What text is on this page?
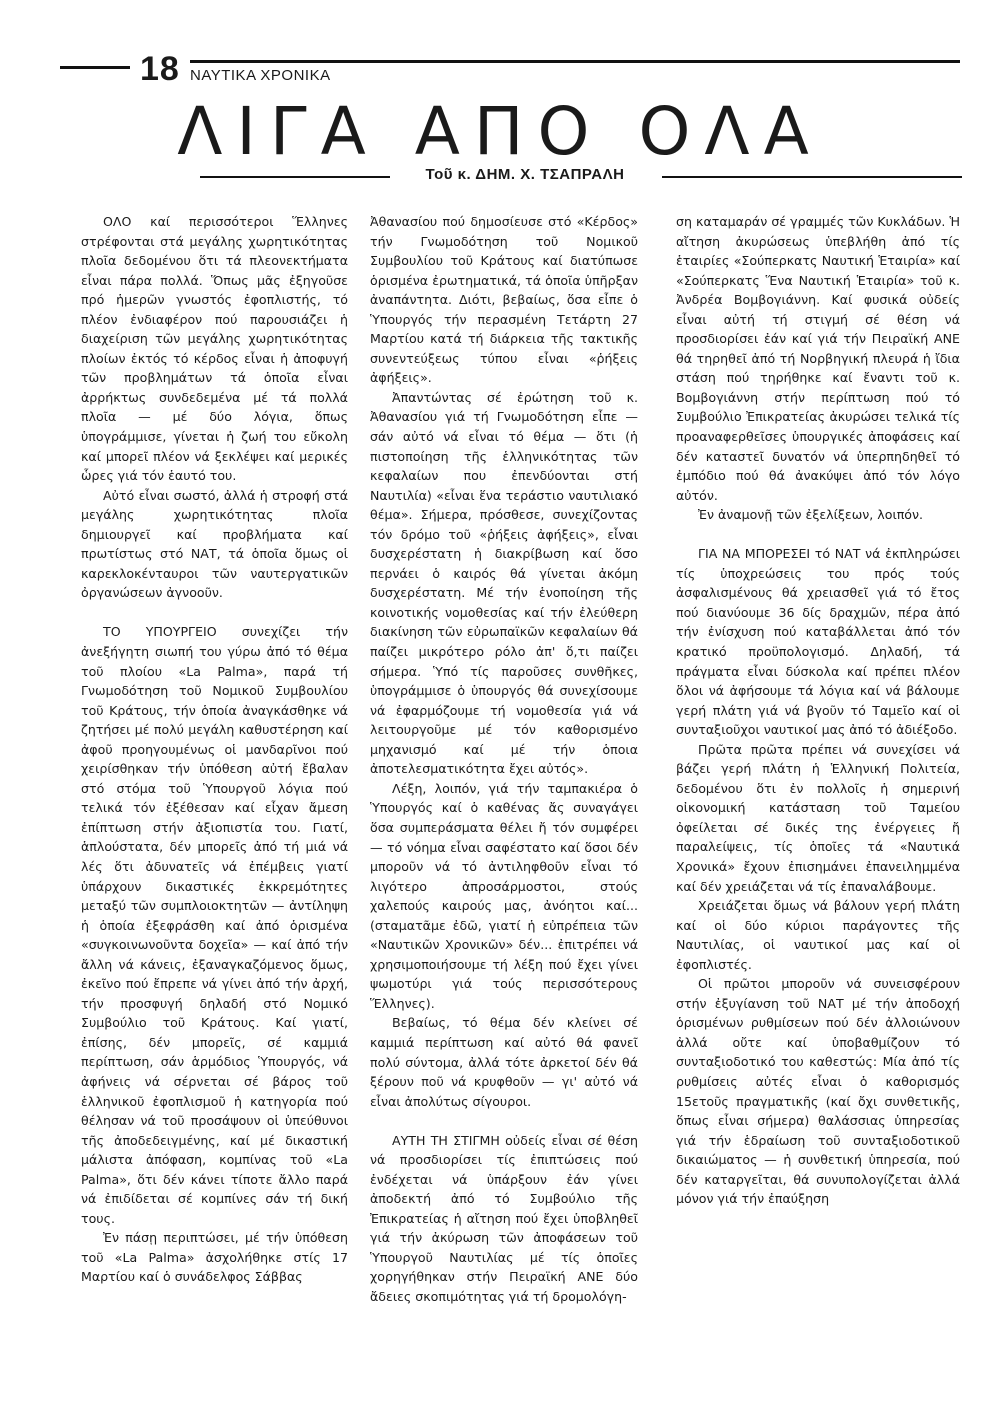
18 ΝΑΥΤΙΚΑ ΧΡΟΝΙΚΑ
ΛΙΓΑ ΑΠΟ ΟΛΑ
Τοῦ κ. ΔΗΜ. Χ. ΤΣΑΠΡΑΛΗ

ΟΛΟ καί περισσότεροι Ἕλληνες στρέφονται στά μεγάλης χωρητικότητας πλοῖα δεδομένου ὅτι τά πλεονεκτήματα εἶναι πάρα πολλά. Ὅπως μᾶς ἐξηγοῦσε πρό ἡμερῶν γνωστός ἐφοπλιστής, τό πλέον ἐνδιαφέρον πού παρουσιάζει ἡ διαχείριση τῶν μεγάλης χωρητικότητας πλοίων ἐκτός τό κέρδος εἶναι ἡ ἀποφυγή τῶν προβλημάτων τά ὁποῖα εἶναι ἀρρήκτως συνδεδεμένα μέ τά πολλά πλοῖα — μέ δύο λόγια, ὅπως ὑπογράμμισε, γίνεται ἡ ζωή του εὔκολη καί μπορεῖ πλέον νά ξεκλέψει καί μερικές ὧρες γιά τόν ἑαυτό του.

Αὐτό εἶναι σωστό, ἀλλά ἡ στροφή στά μεγάλης χωρητικότητας πλοῖα δημιουργεῖ καί προβλήματα καί πρωτίστως στό ΝΑΤ, τά ὁποῖα ὅμως οἱ καρεκλοκένταυροι τῶν ναυτεργατικῶν ὀργανώσεων ἀγνοοῦν.

ΤΟ ΥΠΟΥΡΓΕΙΟ συνεχίζει τήν ἀνεξήγητη σιωπή του γύρω ἀπό τό θέμα τοῦ πλοίου «La Palma», παρά τή Γνωμοδότηση τοῦ Νομικοῦ Συμβουλίου τοῦ Κράτους, τήν ὁποία ἀναγκάσθηκε νά ζητήσει μέ πολύ μεγάλη καθυστέρηση καί ἀφοῦ προηγουμένως οἱ μανδαρῖνοι πού χειρίσθηκαν τήν ὑπόθεση αὐτή ἔβαλαν στό στόμα τοῦ Ὑπουργοῦ λόγια πού τελικά τόν ἐξέθεσαν καί εἶχαν ἄμεση ἐπίπτωση στήν ἀξιοπιστία του. Γιατί, ἁπλούστατα, δέν μπορεῖς ἀπό τή μιά νά λές ὅτι ἀδυνατεῖς νά ἐπέμβεις γιατί ὑπάρχουν δικαστικές ἐκκρεμότητες μεταξύ τῶν συμπλοιοκτητῶν — ἀντίληψη ἡ ὁποία ἐξεφράσθη καί ἀπό ὁρισμένα «συγκοινωνοῦντα δοχεῖα» — καί ἀπό τήν ἄλλη νά κάνεις, ἐξαναγκαζόμενος ὅμως, ἐκεῖνο πού ἔπρεπε νά γίνει ἀπό τήν ἀρχή, τήν προσφυγή δηλαδή στό Νομικό Συμβούλιο τοῦ Κράτους. Καί γιατί, ἐπίσης, δέν μπορεῖς, σέ καμμιά περίπτωση, σάν ἁρμόδιος Ὑπουργός, νά ἀφήνεις νά σέρνεται σέ βάρος τοῦ ἑλληνικοῦ ἐφοπλισμοῦ ἡ κατηγορία πού θέλησαν νά τοῦ προσάψουν οἱ ὑπεύθυνοι τῆς ἀποδεδειγμένης, καί μέ δικαστική μάλιστα ἀπόφαση, κομπίνας τοῦ «La Palma», ὅτι δέν κάνει τίποτε ἄλλο παρά νά ἐπιδίδεται σέ κομπίνες σάν τή δική τους.

Ἐν πάσῃ περιπτώσει, μέ τήν ὑπόθεση τοῦ «La Palma» ἀσχολήθηκε στίς 17 Μαρτίου καί ὁ συνάδελφος Σάββας

Ἀθανασίου πού δημοσίευσε στό «Κέρδος» τήν Γνωμοδότηση τοῦ Νομικοῦ Συμβουλίου τοῦ Κράτους καί διατύπωσε ὁρισμένα ἐρωτηματικά, τά ὁποῖα ὑπῆρξαν ἀναπάντητα. Διότι, βεβαίως, ὅσα εἶπε ὁ Ὑπουργός τήν περασμένη Τετάρτη 27 Μαρτίου κατά τή διάρκεια τῆς τακτικῆς συνεντεύξεως τύπου εἶναι «ῥήξεις ἀφήξεις».

Ἀπαντώντας σέ ἐρώτηση τοῦ κ. Ἀθανασίου γιά τή Γνωμοδότηση εἶπε — σάν αὐτό νά εἶναι τό θέμα — ὅτι (ἡ πιστοποίηση τῆς ἑλληνικότητας τῶν κεφαλαίων που ἐπενδύονται στή Ναυτιλία) «εἶναι ἕνα τεράστιο ναυτιλιακό θέμα». Σήμερα, πρόσθεσε, συνεχίζοντας τόν δρόμο τοῦ «ῥήξεις ἀφήξεις», εἶναι δυσχερέστατη ἡ διακρίβωση καί ὅσο περνάει ὁ καιρός θά γίνεται ἀκόμη δυσχερέστατη. Μέ τήν ἑνοποίηση τῆς κοινοτικής νομοθεσίας καί τήν ἐλεύθερη διακίνηση τῶν εὐρωπαϊκῶν κεφαλαίων θά παίζει μικρότερο ρόλο ἀπ' ὅ,τι παίζει σήμερα. Ὑπό τίς παροῦσες συνθῆκες, ὑπογράμμισε ὁ ὑπουργός θά συνεχίσουμε νά ἐφαρμόζουμε τή νομοθεσία γιά νά λειτουργοῦμε μέ τόν καθορισμένο μηχανισμό καί μέ τήν ὁποια ἀποτελεσματικότητα ἔχει αὐτός».

Λέξη, λοιπόν, γιά τήν ταμπακιέρα ὁ Ὑπουργός καί ὁ καθένας ἄς συναγάγει ὅσα συμπεράσματα θέλει ἤ τόν συμφέρει — τό νόημα εἶναι σαφέστατο καί ὅσοι δέν μποροῦν νά τό ἀντιληφθοῦν εἶναι τό λιγότερο ἀπροσάρμοστοι, στούς χαλεπούς καιρούς μας, ἀνόητοι καί... (σταματᾶμε ἐδῶ, γιατί ἡ εὐπρέπεια τῶν «Ναυτικῶν Χρονικῶν» δέν... ἐπιτρέπει νά χρησιμοποιήσουμε τή λέξη πού ἔχει γίνει ψωμοτύρι γιά τούς περισσότερους Ἕλληνες).

Βεβαίως, τό θέμα δέν κλείνει σέ καμμιά περίπτωση καί αὐτό θά φανεῖ πολύ σύντομα, ἀλλά τότε ἀρκετοί δέν θά ξέρουν ποῦ νά κρυφθοῦν — γι' αὐτό νά εἶναι ἀπολύτως σίγουροι.

ΑΥΤΗ ΤΗ ΣΤΙΓΜΗ οὐδείς εἶναι σέ θέση νά προσδιορίσει τίς ἐπιπτώσεις πού ἐνδέχεται νά ὑπάρξουν ἐάν γίνει ἀποδεκτή ἀπό τό Συμβούλιο τῆς Ἐπικρατείας ἡ αἴτηση πού ἔχει ὑποβληθεῖ γιά τήν ἀκύρωση τῶν ἀποφάσεων τοῦ Ὑπουργοῦ Ναυτιλίας μέ τίς ὁποῖες χορηγήθηκαν στήν Πειραϊκή ΑΝΕ δύο ἄδειες σκοπιμότητας γιά τή δρομολόγη-

ση καταμαράν σέ γραμμές τῶν Κυκλάδων. Ἡ αἴτηση ἀκυρώσεως ὑπεβλήθη ἀπό τίς ἑταιρίες «Σούπερκατς Ναυτική Ἑταιρία» καί «Σούπερκατς Ἕνα Ναυτική Ἑταιρία» τοῦ κ. Ἀνδρέα Βομβογιάννη. Καί φυσικά οὐδείς εἶναι αὐτή τή στιγμή σέ θέση νά προσδιορίσει ἐάν καί γιά τήν Πειραϊκή ΑΝΕ θά τηρηθεῖ ἀπό τή Νορβηγική πλευρά ἡ ἴδια στάση πού τηρήθηκε καί ἔναντι τοῦ κ. Βομβογιάννη στήν περίπτωση πού τό Συμβούλιο Ἐπικρατείας ἀκυρώσει τελικά τίς προαναφερθεῖσες ὑπουργικές ἀποφάσεις καί δέν καταστεῖ δυνατόν νά ὑπερπηδηθεῖ τό ἐμπόδιο πού θά ἀνακύψει ἀπό τόν λόγο αὐτόν.

Ἐν ἀναμονῇ τῶν ἐξελίξεων, λοιπόν.

ΓΙΑ ΝΑ ΜΠΟΡΕΣΕΙ τό ΝΑΤ νά ἐκπληρώσει τίς ὑποχρεώσεις του πρός τούς ἀσφαλισμένους θά χρειασθεῖ γιά τό ἔτος πού διανύουμε 36 δίς δραχμῶν, πέρα ἀπό τήν ἐνίσχυση πού καταβάλλεται ἀπό τόν κρατικό προϋπολογισμό. Δηλαδή, τά πράγματα εἶναι δύσκολα καί πρέπει πλέον ὅλοι νά ἀφήσουμε τά λόγια καί νά βάλουμε γερή πλάτη γιά νά βγοῦν τό Ταμεῖο καί οἱ συνταξιοῦχοι ναυτικοί μας ἀπό τό ἀδιέξοδο.

Πρῶτα πρῶτα πρέπει νά συνεχίσει νά βάζει γερή πλάτη ἡ Ἑλληνική Πολιτεία, δεδομένου ὅτι ἐν πολλοῖς ἡ σημερινή οἰκονομική κατάσταση τοῦ Ταμείου ὀφείλεται σέ δικές της ἐνέργειες ἤ παραλείψεις, τίς ὁποῖες τά «Ναυτικά Χρονικά» ἔχουν ἐπισημάνει ἐπανειλημμένα καί δέν χρειάζεται νά τίς ἐπαναλάβουμε.

Χρειάζεται ὅμως νά βάλουν γερή πλάτη καί οἱ δύο κύριοι παράγοντες τῆς Ναυτιλίας, οἱ ναυτικοί μας καί οἱ ἐφοπλιστές.

Οἱ πρῶτοι μποροῦν νά συνεισφέρουν στήν ἐξυγίανση τοῦ ΝΑΤ μέ τήν ἀποδοχή ὁρισμένων ρυθμίσεων πού δέν ἀλλοιώνουν ἀλλά οὔτε καί ὑποβαθμίζουν τό συνταξιοδοτικό του καθεστώς: Μία ἀπό τίς ρυθμίσεις αὐτές εἶναι ὁ καθορισμός 15ετοῦς πραγματικῆς (καί ὄχι συνθετικῆς, ὅπως εἶναι σήμερα) θαλάσσιας ὑπηρεσίας γιά τήν ἑδραίωση τοῦ συνταξιοδοτικοῦ δικαιώματος — ἡ συνθετική ὑπηρεσία, πού δέν καταργεῖται, θά συνυπολογίζεται ἀλλά μόνον γιά τήν ἐπαύξηση
